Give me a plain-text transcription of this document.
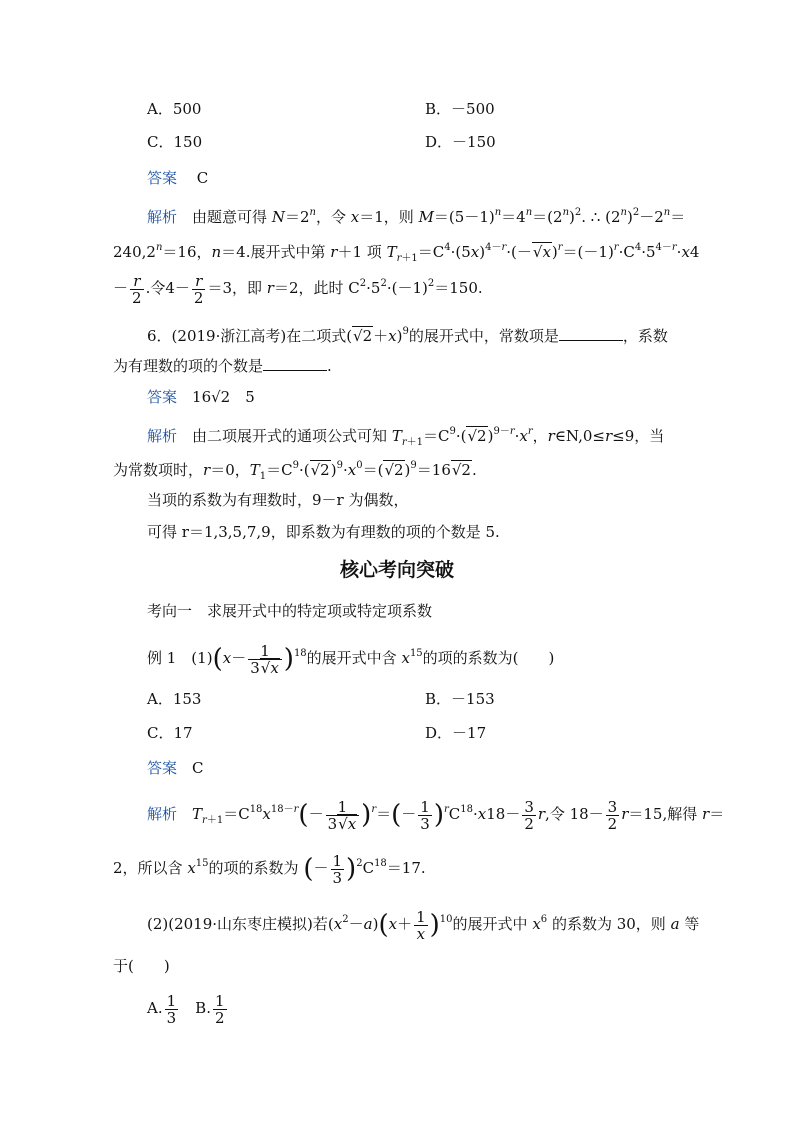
A．500	B．－500
C．150	D．－150
答案　 C
解析　 由题意可得 $N=2^n$，令 x＝1，则 $M=(5-1)^n=4^n=(2^n)^2$. ∴ $(2^n)^2-2^n=$
$240,2^n=16$，n＝4.展开式中第 r＋1 项 $T_{r+1}=C^4\cdot(5x)^{4-r}\cdot(-√x)^r=(-1)^r\cdot C^4\cdot 5^{4-r}\cdot x4$
－ $\frac{r}{2}$ .令$4- \frac{r}{2} =3$，即 r＝2，此时 $C^2\cdot 5^2\cdot(-1)^2=150$.
6．(2019·浙江高考)在二项式$(√2+x)^9$的展开式中，常数项是	，系数
为有理数的项的个数是	.
答案　 16√2　5
解析　 由二项展开式的通项公式可知 $T_{r+1}=C^9\cdot(√2)^{9-r}\cdot x^r$，r∈N,0≤r≤9，当
为常数项时，r＝0，$T_1=C^9\cdot(√2)^9\cdot x^0=(√2)^9=16√2$.
当项的系数为有理数时，9－r 为偶数，
可得 r＝1,3,5,7,9，即系数为有理数的项的个数是 5.
核心考向突破
考向一　求展开式中的特定项或特定项系数
例 1　$(1)(x- \frac{1}{3√x} )^{18}$的展开式中含 $x^{15}$的项的系数为(　　)
A．153	B．－153
C．17	D．－17
答案　 C
解析　 $T_{r+1}=C^{18}x^{18-r}(- \frac{1}{3√x} )^r=(- \frac{1}{3} )^rC^{18}\cdot x18- \frac{3}{2} r$,令 $18- \frac{3}{2} r=15$,解得 r＝
2，所以含 $x^{15}$的项的系数为 (－ $\frac{1}{3} )^2C^{18}=17$.
(2)(2019·山东枣庄模拟)若$(x^2-a)(x+ \frac{1}{x} )^{10}$的展开式中 $x^6$ 的系数为 30，则 a 等
于(　　)
A. $\frac{1}{3}$
　 B. $\frac{1}{2}$
